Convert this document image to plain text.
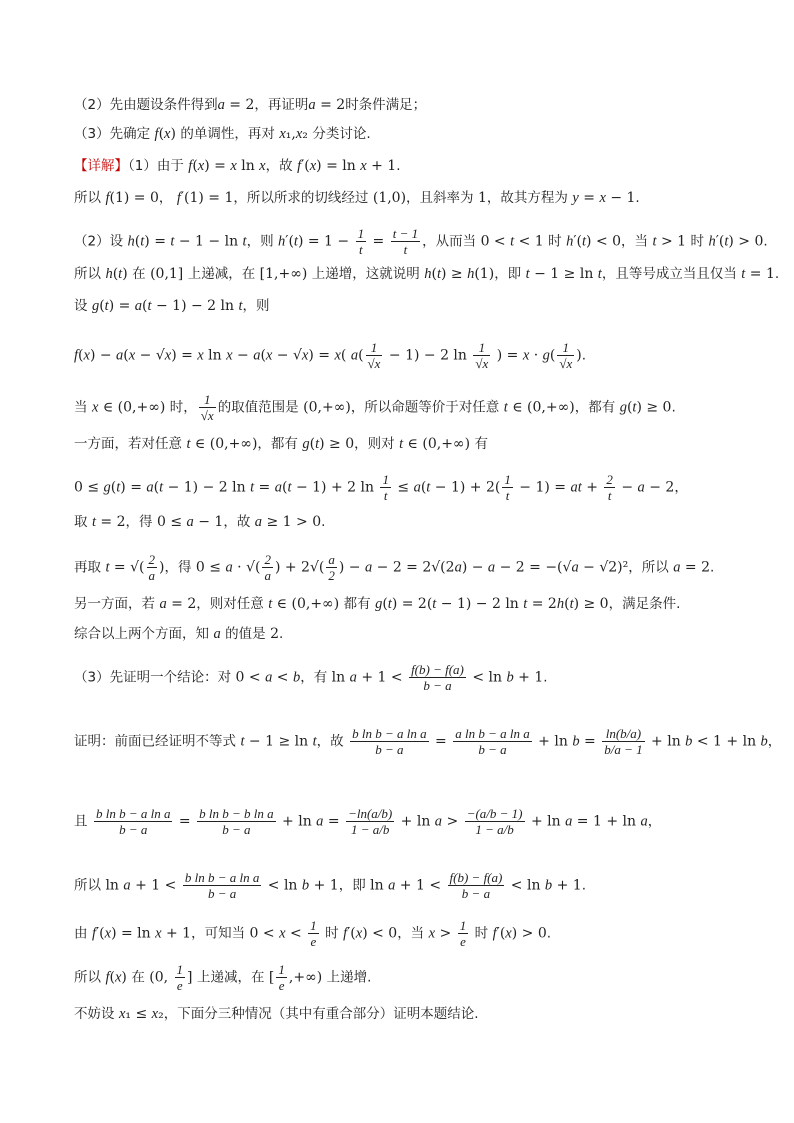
（2）先由题设条件得到a = 2，再证明a = 2时条件满足；
（3）先确定 f(x) 的单调性，再对 x₁,x₂ 分类讨论.
【详解】（1）由于 f(x) = x ln x，故 f′(x) = ln x + 1.
所以 f(1) = 0， f′(1) = 1，所以所求的切线经过 (1,0)，且斜率为 1，故其方程为 y = x − 1.
（2）设 h(t) = t − 1 − ln t，则 $h'(t) = 1 - \frac{1}{t} = \frac{t - 1}{t}$ ，从而当 0 < t < 1 时 h′(t) < 0，当 t > 1 时 h′(t) > 0.
所以 h(t) 在 (0,1] 上递减，在 [1,+∞) 上递增，这就说明 h(t) ≥ h(1)，即 t − 1 ≥ ln t，且等号成立当且仅当 t = 1.
设 g(t) = a(t − 1) − 2 ln t，则
f(x) − a(x − √x) = x ln x − a(x − √x) = x( $a( \frac{1}{√x} - 1) - 2$ $\ln \frac{1}{√x}$ ) = $x \cdot g( \frac{1}{√x}$ ).
当 x ∈ (0,+∞) 时， $\frac{1}{√x}$ 的取值范围是 (0,+∞)，所以命题等价于对任意 t ∈ (0,+∞)，都有 g(t) ≥ 0.
一方面，若对任意 t ∈ (0,+∞)，都有 g(t) ≥ 0，则对 t ∈ (0,+∞) 有
0 ≤ g(t) = a(t − 1) − 2 ln t = a(t − 1) + 2 $\ln \frac{1}{t} \le a(t - 1) + 2( \frac{1}{t} - 1)$ = at + $\frac{2}{t} - a - 2$，
取 t = 2，得 0 ≤ a − 1，故 a ≥ 1 > 0.
再取 t = √( $\frac{2}{a}$ )，得 0 ≤ a · √( $\frac{2}{a}$ ) + $2√( \frac{a}{2}$ ) − a − 2 = 2√(2a) − a − 2 = −(√a − √2)²，所以 a = 2.
另一方面，若 a = 2，则对任意 t ∈ (0,+∞) 都有 g(t) = 2(t − 1) − 2 ln t = 2h(t) ≥ 0，满足条件.
综合以上两个方面，知 a 的值是 2.
（3）先证明一个结论：对 0 < a < b，有 $\ln a + 1 < \frac{f(b) - f(a)}{b - a} < \ln b + 1$.
证明：前面已经证明不等式 t − 1 ≥ ln t，故 $\frac{\text{b ln b − a ln a}}{b - a} = \frac{\text{a ln b − a ln a}}{b - a} + \ln b = \frac{\ln(b/a)}{b/a - 1} + \ln b < 1 + \ln b$，
且 $\frac{\text{b ln b − a ln a}}{b - a} = \frac{\text{b ln b − b ln a}}{b - a} + \ln a = \frac{-\ln(a/b)}{1 - a/b} + \ln a > \frac{-(a/b - 1)}{1 - a/b} + \ln a = 1 + \ln a$，
所以 $\ln a + 1 < \frac{\text{b ln b − a ln a}}{b - a} < \ln b + 1$，即 $\ln a + 1 < \frac{f(b) - f(a)}{b - a} < \ln b + 1$.
由 f′(x) = ln x + 1，可知当 $0 < x < \frac{1}{e}$ 时 f′(x) < 0，当 $x > \frac{1}{e}$ 时 f′(x) > 0.
所以 f(x) 在 (0, $\frac{1}{e}$ ] 上递减，在 [ $\frac{1}{e}$ ,+∞) 上递增.
不妨设 x₁ ≤ x₂，下面分三种情况（其中有重合部分）证明本题结论.
